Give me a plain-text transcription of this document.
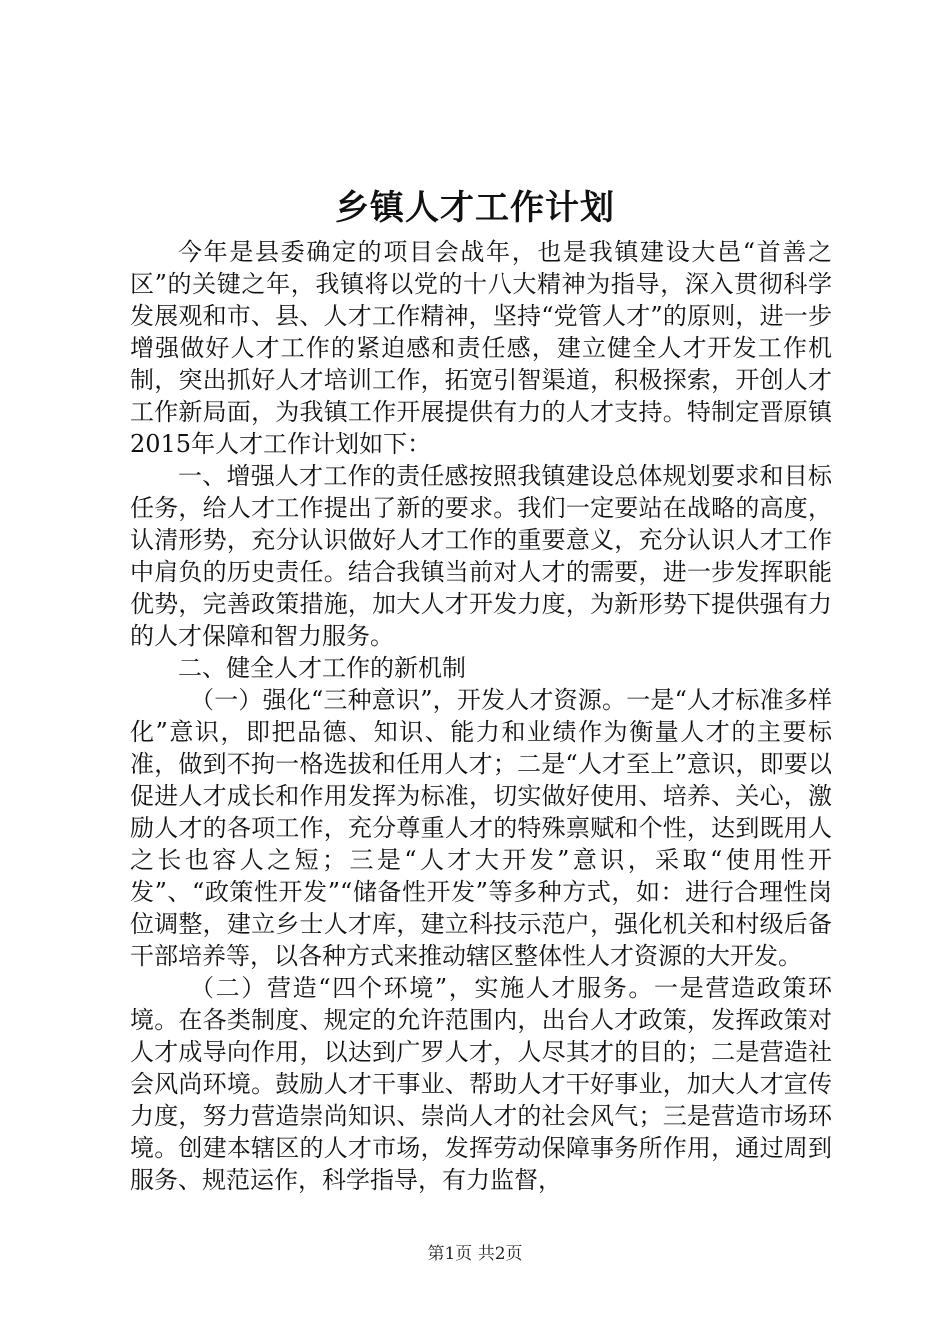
乡镇人才工作计划

今年是县委确定的项目会战年，也是我镇建设大邑“首善之区”的关键之年，我镇将以党的十八大精神为指导，深入贯彻科学发展观和市、县、人才工作精神，坚持“党管人才”的原则，进一步增强做好人才工作的紧迫感和责任感，建立健全人才开发工作机制，突出抓好人才培训工作，拓宽引智渠道，积极探索，开创人才工作新局面，为我镇工作开展提供有力的人才支持。特制定晋原镇2015年人才工作计划如下：

一、增强人才工作的责任感按照我镇建设总体规划要求和目标任务，给人才工作提出了新的要求。我们一定要站在战略的高度，认清形势，充分认识做好人才工作的重要意义，充分认识人才工作中肩负的历史责任。结合我镇当前对人才的需要，进一步发挥职能优势，完善政策措施，加大人才开发力度，为新形势下提供强有力的人才保障和智力服务。

二、健全人才工作的新机制

（一）强化“三种意识”，开发人才资源。一是“人才标准多样化”意识，即把品德、知识、能力和业绩作为衡量人才的主要标准，做到不拘一格选拔和任用人才；二是“人才至上”意识，即要以促进人才成长和作用发挥为标准，切实做好使用、培养、关心，激励人才的各项工作，充分尊重人才的特殊禀赋和个性，达到既用人之长也容人之短；三是“人才大开发”意识，采取“使用性开发”、“政策性开发”“储备性开发”等多种方式，如：进行合理性岗位调整，建立乡士人才库，建立科技示范户，强化机关和村级后备干部培养等，以各种方式来推动辖区整体性人才资源的大开发。

（二）营造“四个环境”，实施人才服务。一是营造政策环境。在各类制度、规定的允许范围内，出台人才政策，发挥政策对人才成导向作用，以达到广罗人才，人尽其才的目的；二是营造社会风尚环境。鼓励人才干事业、帮助人才干好事业，加大人才宣传力度，努力营造崇尚知识、崇尚人才的社会风气；三是营造市场环境。创建本辖区的人才市场，发挥劳动保障事务所作用，通过周到服务、规范运作，科学指导，有力监督，

第1页 共2页
